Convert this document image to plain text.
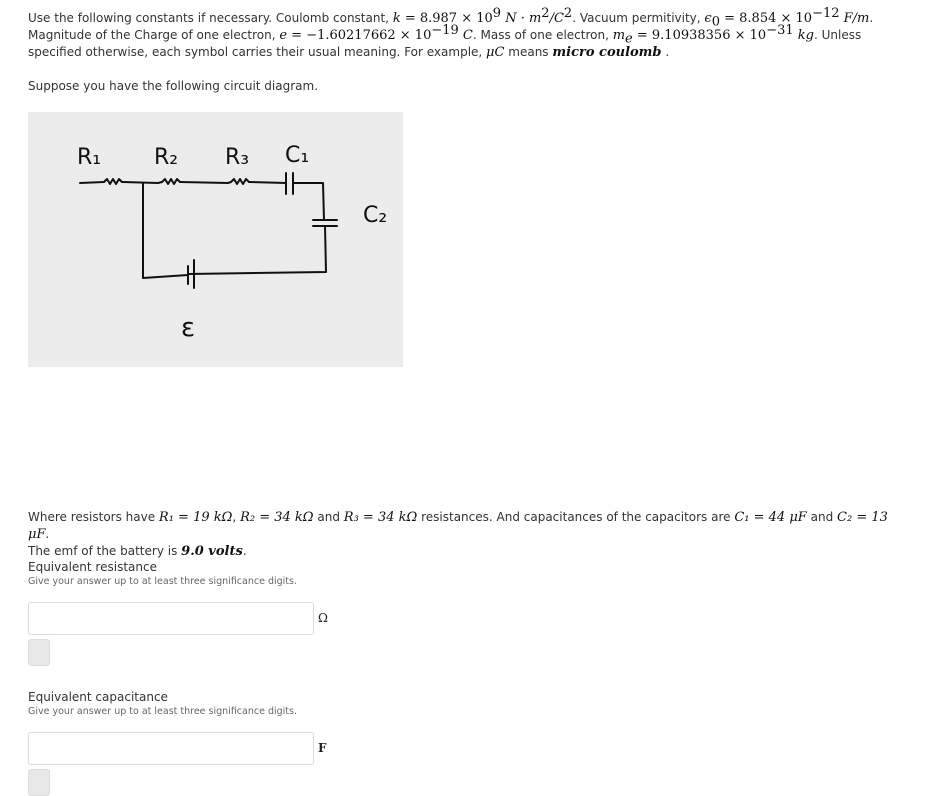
Use the following constants if necessary. Coulomb constant, $k = 8.987 \times 10^9$ $N \cdot m^2/C^2$. Vacuum permitivity, $\epsilon_0 = 8.854 \times 10^{-12}$ F/m. Magnitude of the Charge of one electron, $e = -1.60217662 \times 10^{-19}$ C. Mass of one electron, $m_e = 9.10938356 \times 10^{-31}$ kg. Unless specified otherwise, each symbol carries their usual meaning. For example, μC means micro coulomb .
Suppose you have the following circuit diagram.
R₁ R₂ R₃ C₁
C₂
ε
Where resistors have R₁ = 19 kΩ, R₂ = 34 kΩ and R₃ = 34 kΩ resistances. And capacitances of the capacitors are C₁ = 44 μF and C₂ = 13 μF.
The emf of the battery is 9.0 volts.
Equivalent resistance
Give your answer up to at least three significance digits.
Ω
Equivalent capacitance
Give your answer up to at least three significance digits.
F
